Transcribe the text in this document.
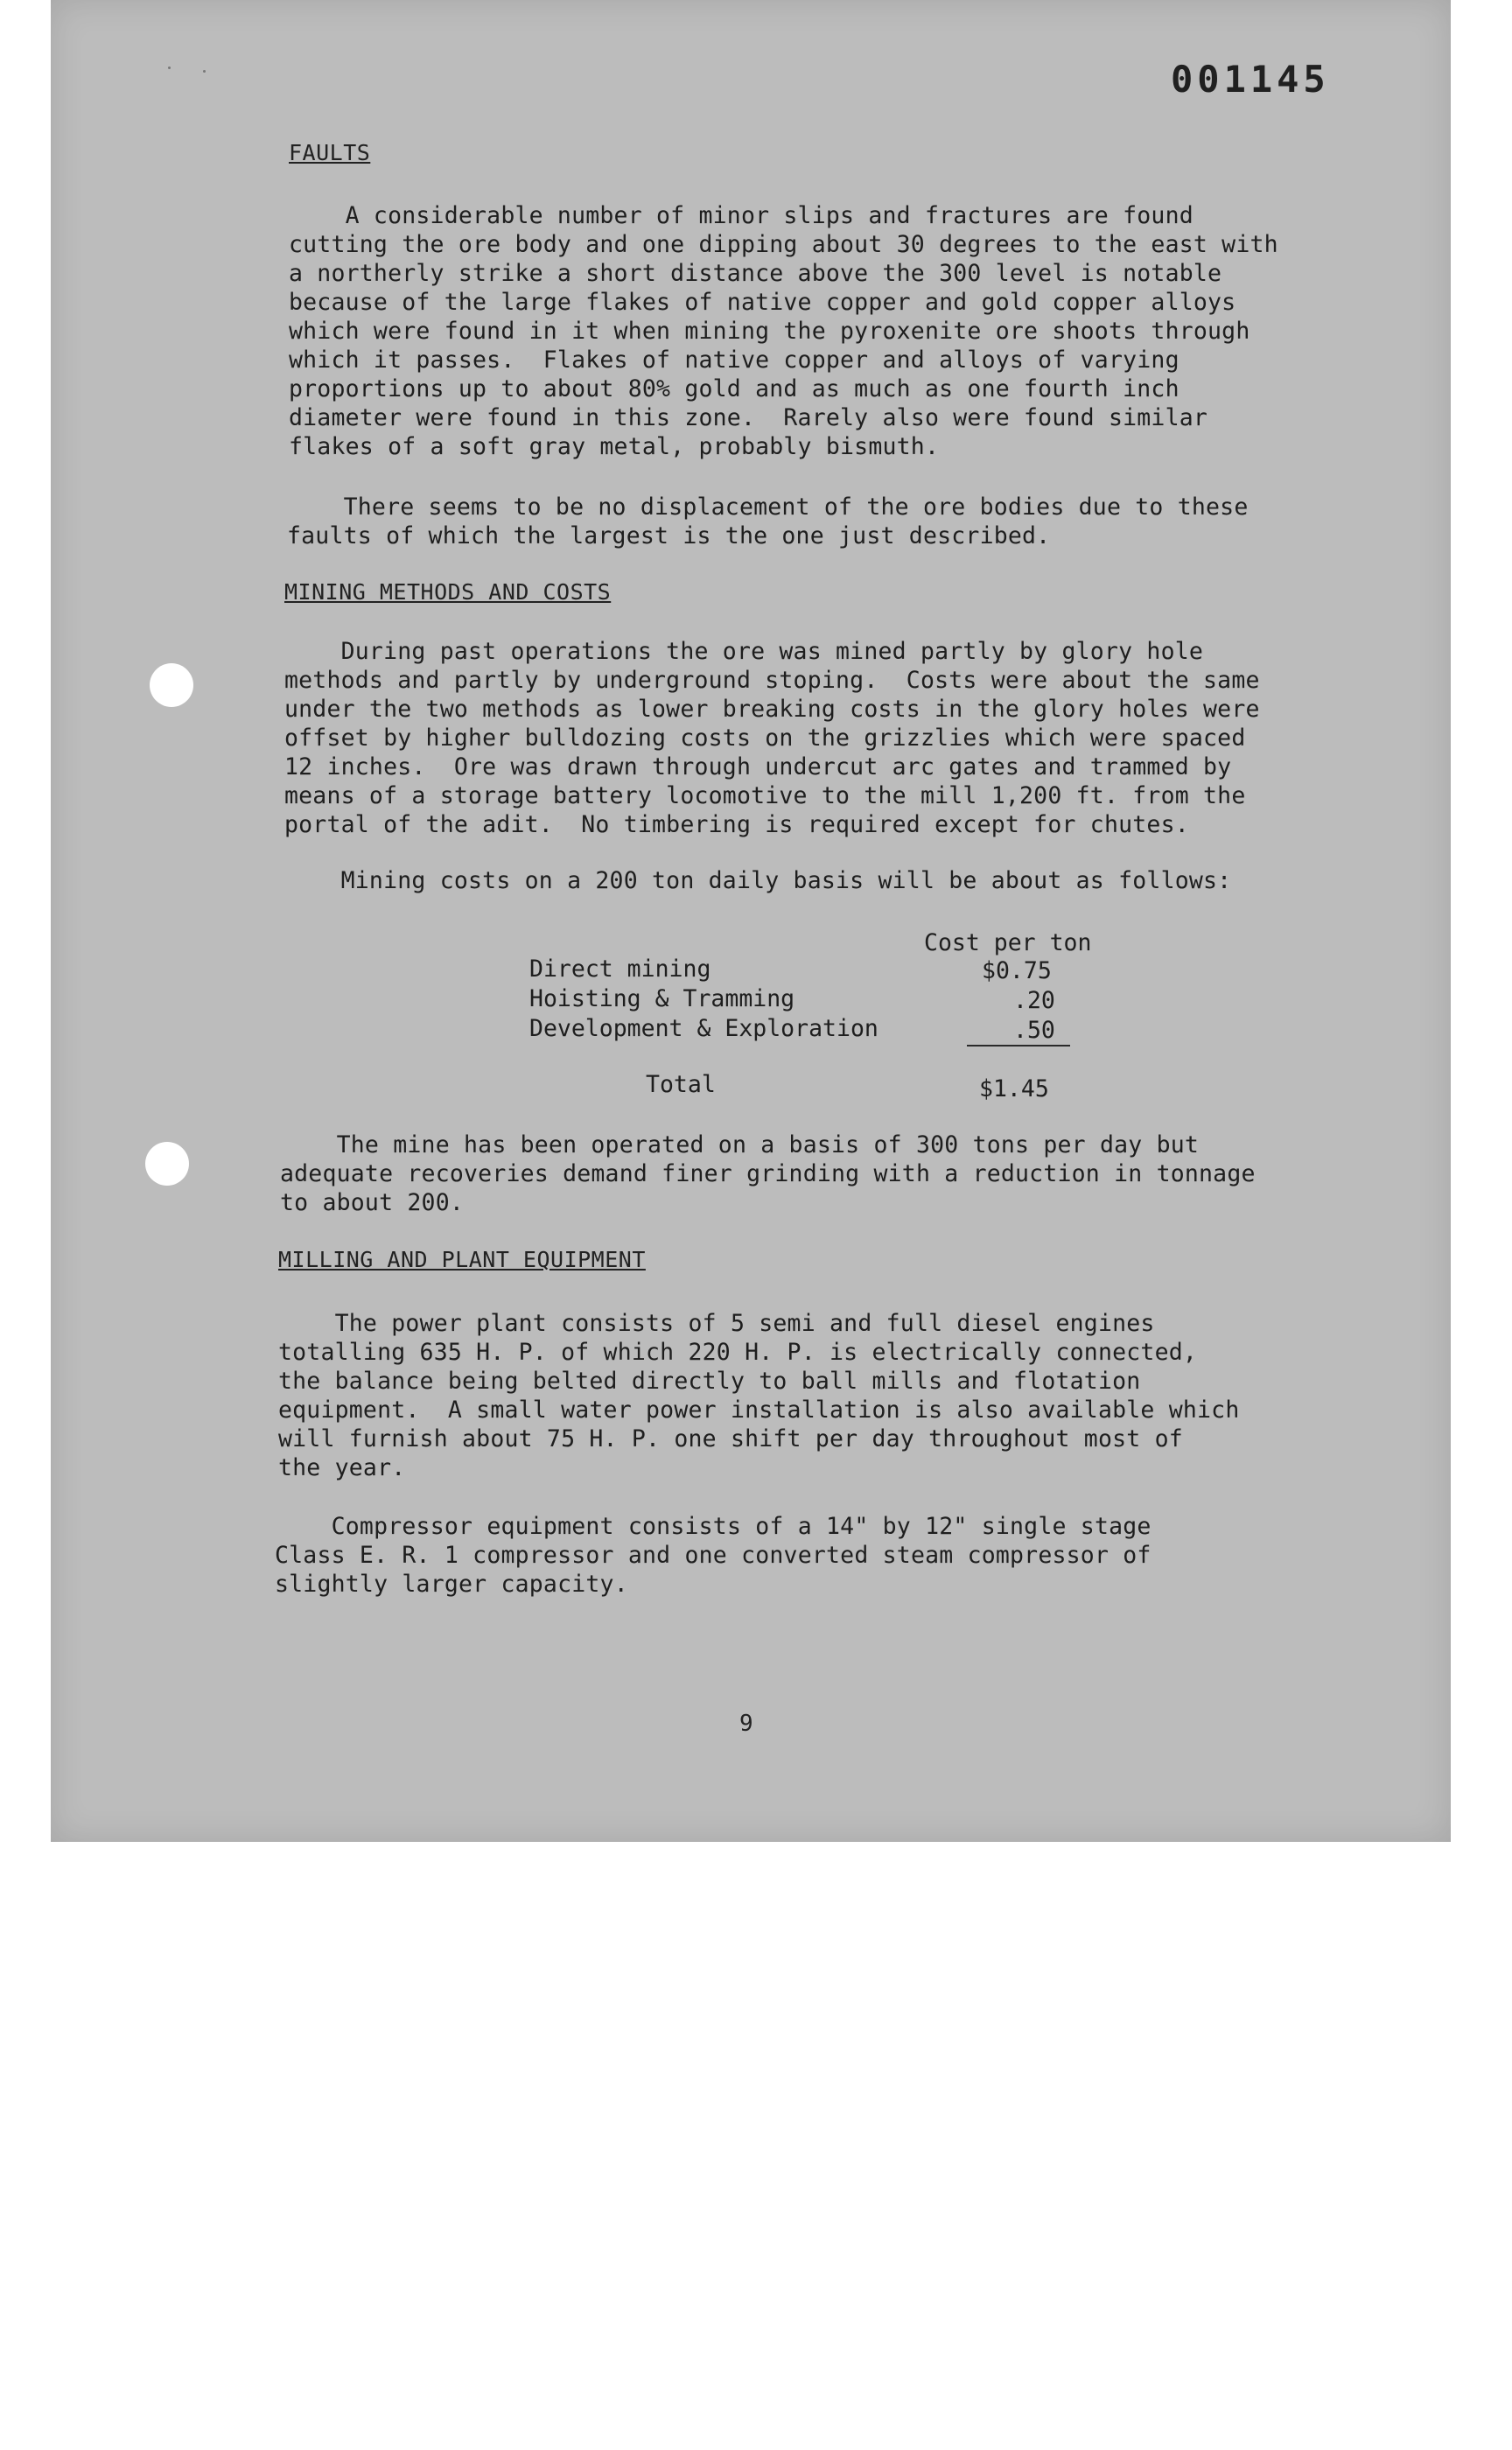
001145
FAULTS
A considerable number of minor slips and fractures are found
cutting the ore body and one dipping about 30 degrees to the east with
a northerly strike a short distance above the 300 level is notable
because of the large flakes of native copper and gold copper alloys
which were found in it when mining the pyroxenite ore shoots through
which it passes.  Flakes of native copper and alloys of varying
proportions up to about 80% gold and as much as one fourth inch
diameter were found in this zone.  Rarely also were found similar
flakes of a soft gray metal, probably bismuth.
There seems to be no displacement of the ore bodies due to these
faults of which the largest is the one just described.
MINING METHODS AND COSTS
During past operations the ore was mined partly by glory hole
methods and partly by underground stoping.  Costs were about the same
under the two methods as lower breaking costs in the glory holes were
offset by higher bulldozing costs on the grizzlies which were spaced
12 inches.  Ore was drawn through undercut arc gates and trammed by
means of a storage battery locomotive to the mill 1,200 ft. from the
portal of the adit.  No timbering is required except for chutes.
Mining costs on a 200 ton daily basis will be about as follows:
Cost per ton
Direct mining	$0.75
Hoisting & Tramming	.20
Development & Exploration	.50
Total	$1.45
The mine has been operated on a basis of 300 tons per day but
adequate recoveries demand finer grinding with a reduction in tonnage
to about 200.
MILLING AND PLANT EQUIPMENT
The power plant consists of 5 semi and full diesel engines
totalling 635 H. P. of which 220 H. P. is electrically connected,
the balance being belted directly to ball mills and flotation
equipment.  A small water power installation is also available which
will furnish about 75 H. P. one shift per day throughout most of
the year.
Compressor equipment consists of a 14" by 12" single stage
Class E. R. 1 compressor and one converted steam compressor of
slightly larger capacity.
9
